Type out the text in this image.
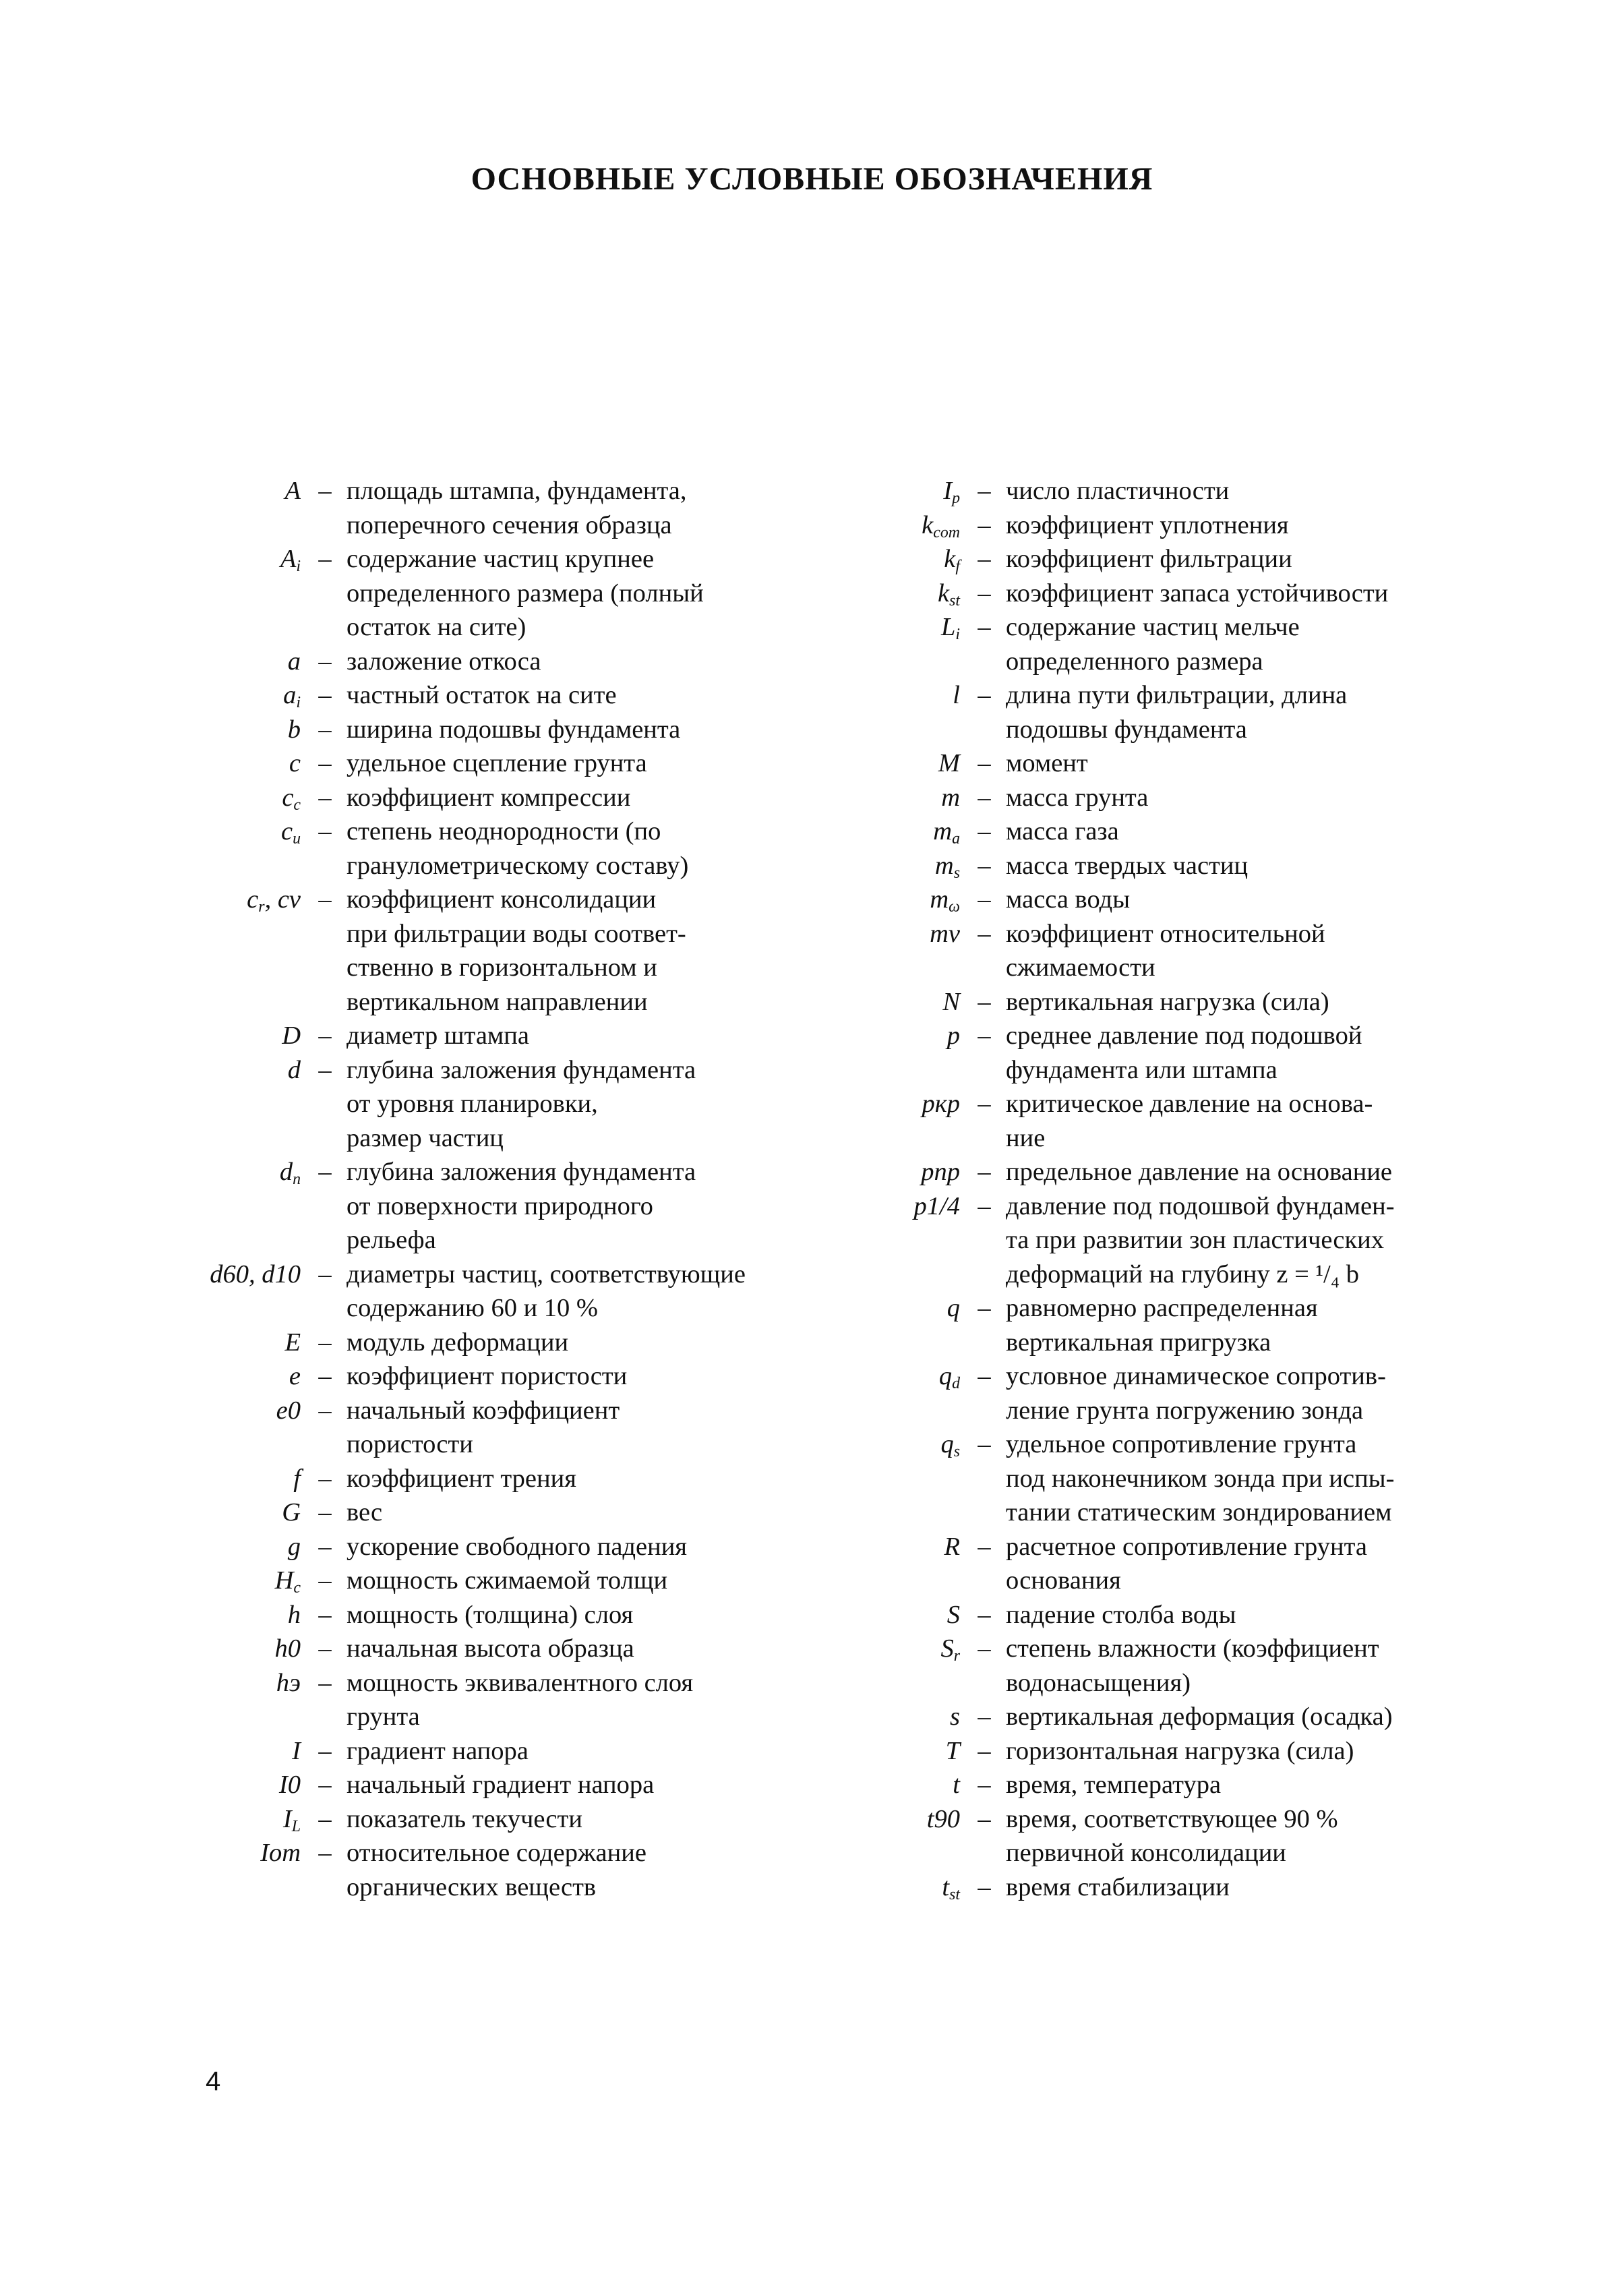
ОСНОВНЫЕ УСЛОВНЫЕ ОБОЗНАЧЕНИЯ
A – площадь штампа, фундамента,
поперечного сечения образца
$A_i$ – содержание частиц крупнее
определенного размера (полный
остаток на сите)
a – заложение откоса
$a_i$ – частный остаток на сите
b – ширина подошвы фундамента
c – удельное сцепление грунта
$c_c$ – коэффициент компрессии
$c_u$ – степень неоднородности (по
гранулометрическому составу)
$c_r$, cv – коэффициент консолидации
при фильтрации воды соответ-
ственно в горизонтальном и
вертикальном направлении
D – диаметр штампа
d – глубина заложения фундамента
от уровня планировки,
размер частиц
$d_n$ – глубина заложения фундамента
от поверхности природного
рельефа
d60, d10 – диаметры частиц, соответствующие
содержанию 60 и 10 %
E – модуль деформации
e – коэффициент пористости
e0 – начальный коэффициент
пористости
f – коэффициент трения
G – вес
g – ускорение свободного падения
$H_c$ – мощность сжимаемой толщи
h – мощность (толщина) слоя
h0 – начальная высота образца
hэ – мощность эквивалентного слоя
грунта
I – градиент напора
I0 – начальный градиент напора
$I_L$ – показатель текучести
Iот – относительное содержание
органических веществ
$I_p$ – число пластичности
$k_{com}$ – коэффициент уплотнения
$k_f$ – коэффициент фильтрации
$k_{st}$ – коэффициент запаса устойчивости
$L_i$ – содержание частиц мельче
определенного размера
l – длина пути фильтрации, длина
подошвы фундамента
M – момент
m – масса грунта
$m_a$ – масса газа
$m_s$ – масса твердых частиц
$m_\omega$ – масса воды
mv – коэффициент относительной
сжимаемости
N – вертикальная нагрузка (сила)
p – среднее давление под подошвой
фундамента или штампа
pкр – критическое давление на основа-
ние
pпр – предельное давление на основание
p1/4 – давление под подошвой фундамен-
та при развитии зон пластических
деформаций на глубину z = ¹/₄ b
q – равномерно распределенная
вертикальная пригрузка
$q_d$ – условное динамическое сопротив-
ление грунта погружению зонда
$q_s$ – удельное сопротивление грунта
под наконечником зонда при испы-
тании статическим зондированием
R – расчетное сопротивление грунта
основания
S – падение столба воды
$S_r$ – степень влажности (коэффициент
водонасыщения)
s – вертикальная деформация (осадка)
T – горизонтальная нагрузка (сила)
t – время, температура
t90 – время, соответствующее 90 %
первичной консолидации
$t_{st}$ – время стабилизации
4
